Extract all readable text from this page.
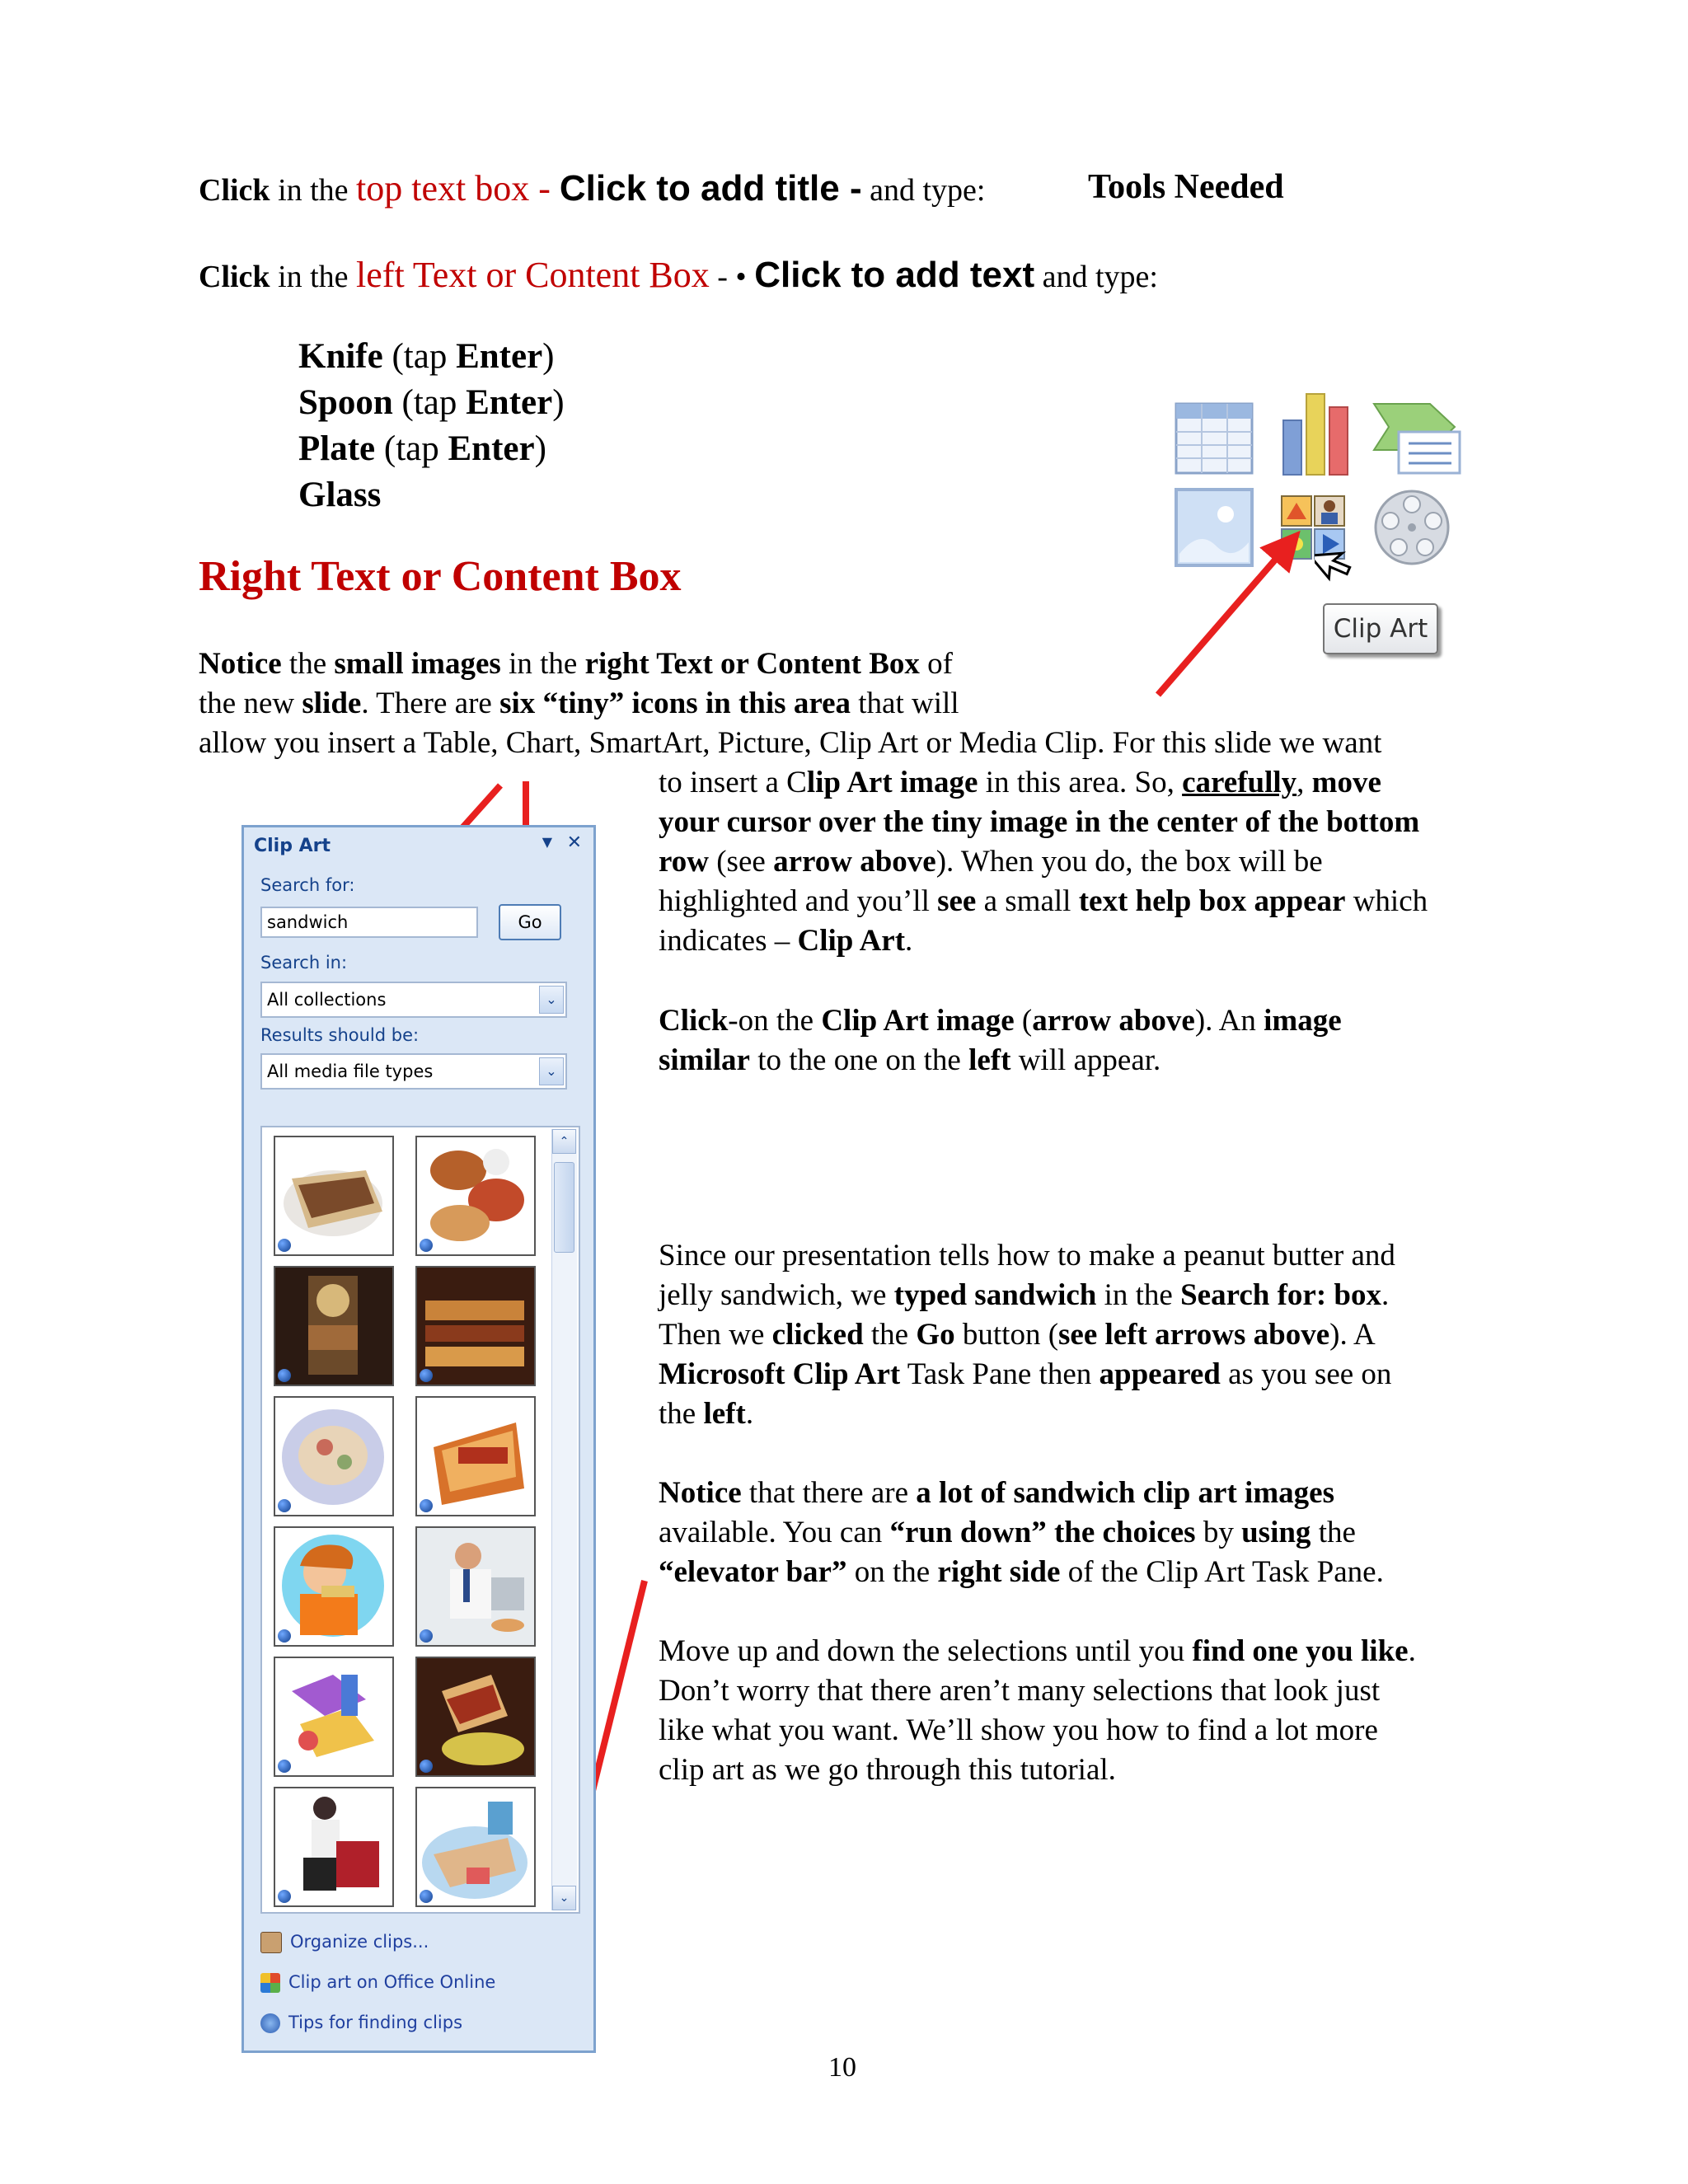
Click in the top text box - Click to add title - and type:	Tools Needed
Click in the left Text or Content Box - • Click to add text and type:
Knife (tap Enter)
Spoon (tap Enter)
Plate (tap Enter)
Glass
Right Text or Content Box
Clip Art

Notice the small images in the right Text or Content Box of

the new slide. There are six “tiny” icons in this area that will

allow you insert a Table, Chart, SmartArt, Picture, Clip Art or Media Clip. For this slide we want

to insert a Clip Art image in this area. So, carefully, move

your cursor over the tiny image in the center of the bottom

row (see arrow above). When you do, the box will be

highlighted and you’ll see a small text help box appear which

indicates – Clip Art.

Click-on the Clip Art image (arrow above). An image

similar to the one on the left will appear.

Since our presentation tells how to make a peanut butter and

jelly sandwich, we typed sandwich in the Search for: box.

Then we clicked the Go button (see left arrows above). A

Microsoft Clip Art Task Pane then appeared as you see on

the left.

Notice that there are a lot of sandwich clip art images

available. You can “run down” the choices by using the

“elevator bar” on the right side of the Clip Art Task Pane.

Move up and down the selections until you find one you like.

Don’t worry that there aren’t many selections that look just

like what you want. We’ll show you how to find a lot more

clip art as we go through this tutorial.

Clip Art	▼ ✕
Search for:
sandwich	Go
Search in:
All collections	⌄
Results should be:
All media file types	⌄
⌃
⌄
Organize clips...
Clip art on Office Online
Tips for finding clips
10
